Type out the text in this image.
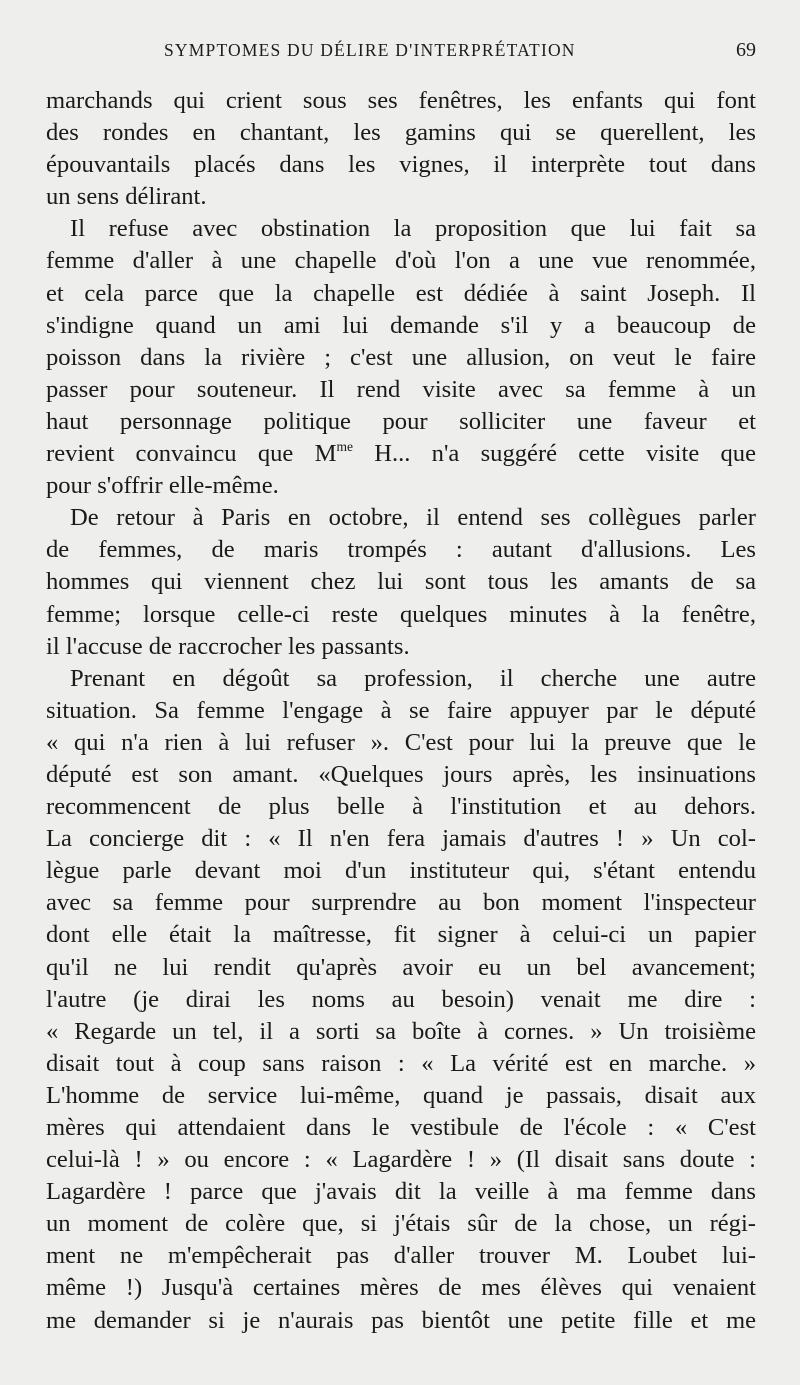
SYMPTOMES DU DÉLIRE D'INTERPRÉTATION	69
marchands qui crient sous ses fenêtres, les enfants qui font
des rondes en chantant, les gamins qui se querellent, les
épouvantails placés dans les vignes, il interprète tout dans
un sens délirant.
Il refuse avec obstination la proposition que lui fait sa
femme d'aller à une chapelle d'où l'on a une vue renommée,
et cela parce que la chapelle est dédiée à saint Joseph. Il
s'indigne quand un ami lui demande s'il y a beaucoup de
poisson dans la rivière ; c'est une allusion, on veut le faire
passer pour souteneur. Il rend visite avec sa femme à un
haut personnage politique pour solliciter une faveur et
revient convaincu que $M^{me}$ H... n'a suggéré cette visite que
pour s'offrir elle-même.
De retour à Paris en octobre, il entend ses collègues parler
de femmes, de maris trompés : autant d'allusions. Les
hommes qui viennent chez lui sont tous les amants de sa
femme; lorsque celle-ci reste quelques minutes à la fenêtre,
il l'accuse de raccrocher les passants.
Prenant en dégoût sa profession, il cherche une autre
situation. Sa femme l'engage à se faire appuyer par le député
« qui n'a rien à lui refuser ». C'est pour lui la preuve que le
député est son amant. «Quelques jours après, les insinuations
recommencent de plus belle à l'institution et au dehors.
La concierge dit : « Il n'en fera jamais d'autres ! » Un col-
lègue parle devant moi d'un instituteur qui, s'étant entendu
avec sa femme pour surprendre au bon moment l'inspecteur
dont elle était la maîtresse, fit signer à celui-ci un papier
qu'il ne lui rendit qu'après avoir eu un bel avancement;
l'autre (je dirai les noms au besoin) venait me dire :
« Regarde un tel, il a sorti sa boîte à cornes. » Un troisième
disait tout à coup sans raison : « La vérité est en marche. »
L'homme de service lui-même, quand je passais, disait aux
mères qui attendaient dans le vestibule de l'école : « C'est
celui-là ! » ou encore : « Lagardère ! » (Il disait sans doute :
Lagardère ! parce que j'avais dit la veille à ma femme dans
un moment de colère que, si j'étais sûr de la chose, un régi-
ment ne m'empêcherait pas d'aller trouver M. Loubet lui-
même !) Jusqu'à certaines mères de mes élèves qui venaient
me demander si je n'aurais pas bientôt une petite fille et me
